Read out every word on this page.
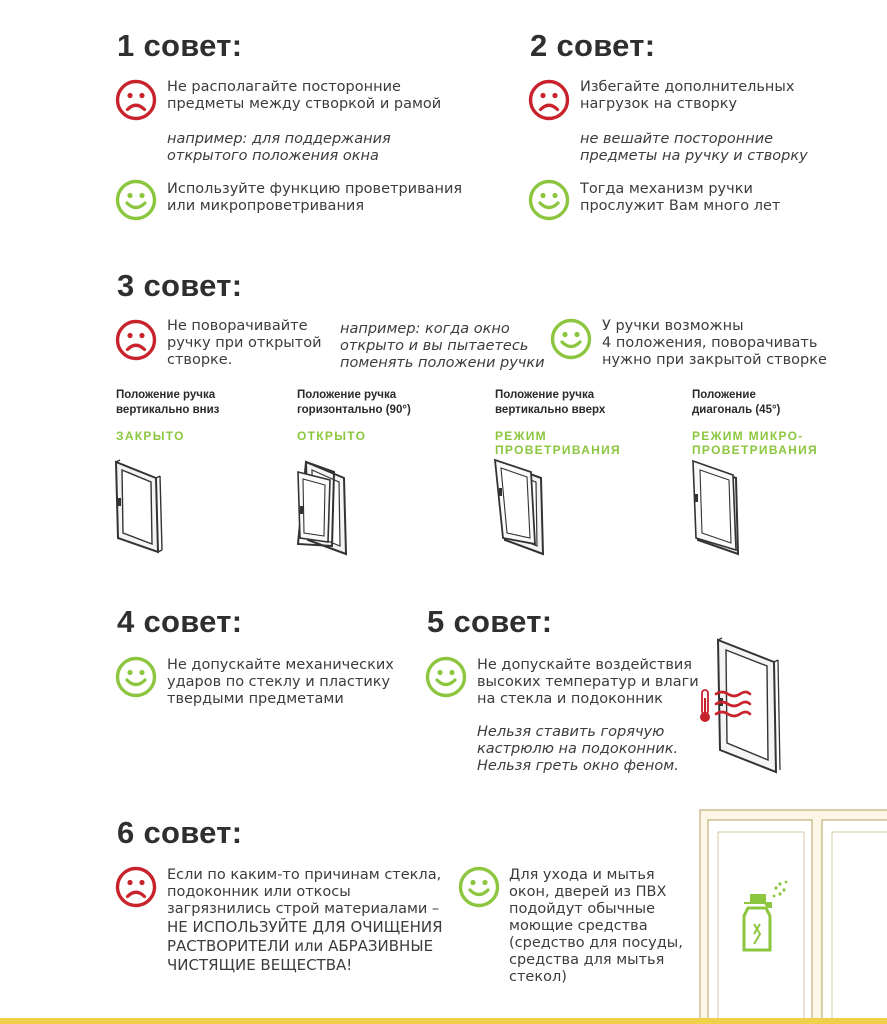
1 совет:
Не располагайте посторонние
предметы между створкой и рамой
например: для поддержания
открытого положения окна
Используйте функцию проветривания
или микропроветривания
2 совет:
Избегайте дополнительных
нагрузок на створку
не вешайте посторонние
предметы на ручку и створку
Тогда механизм ручки
прослужит Вам много лет
3 совет:
Не поворачивайте
ручку при открытой
створке.
например: когда окно
открыто и вы пытаетесь
поменять положени ручки
У ручки возможны
4 положения, поворачивать
нужно при закрытой створке
Положение ручка
вертикально вниз
ЗАКРЫТО
Положение ручка
горизонтально (90°)
ОТКРЫТО
Положение ручка
вертикально вверх
РЕЖИМ
ПРОВЕТРИВАНИЯ
Положение
диагональ (45°)
РЕЖИМ МИКРО-
ПРОВЕТРИВАНИЯ
4 совет:
Не допускайте механических
ударов по стеклу и пластику
твердыми предметами
5 совет:
Не допускайте воздействия
высоких температур и влаги
на стекла и подоконник
Нельзя ставить горячую
кастрюлю на подоконник.
Нельзя греть окно феном.
6 совет:
Если по каким-то причинам стекла,
подоконник или откосы
загрязнились строй материалами –
НЕ ИСПОЛЬЗУЙТЕ ДЛЯ ОЧИЩЕНИЯ
РАСТВОРИТЕЛИ или АБРАЗИВНЫЕ
ЧИСТЯЩИЕ ВЕЩЕСТВА!
Для ухода и мытья
окон, дверей из ПВХ
подойдут обычные
моющие средства
(средство для посуды,
средства для мытья
стекол)
